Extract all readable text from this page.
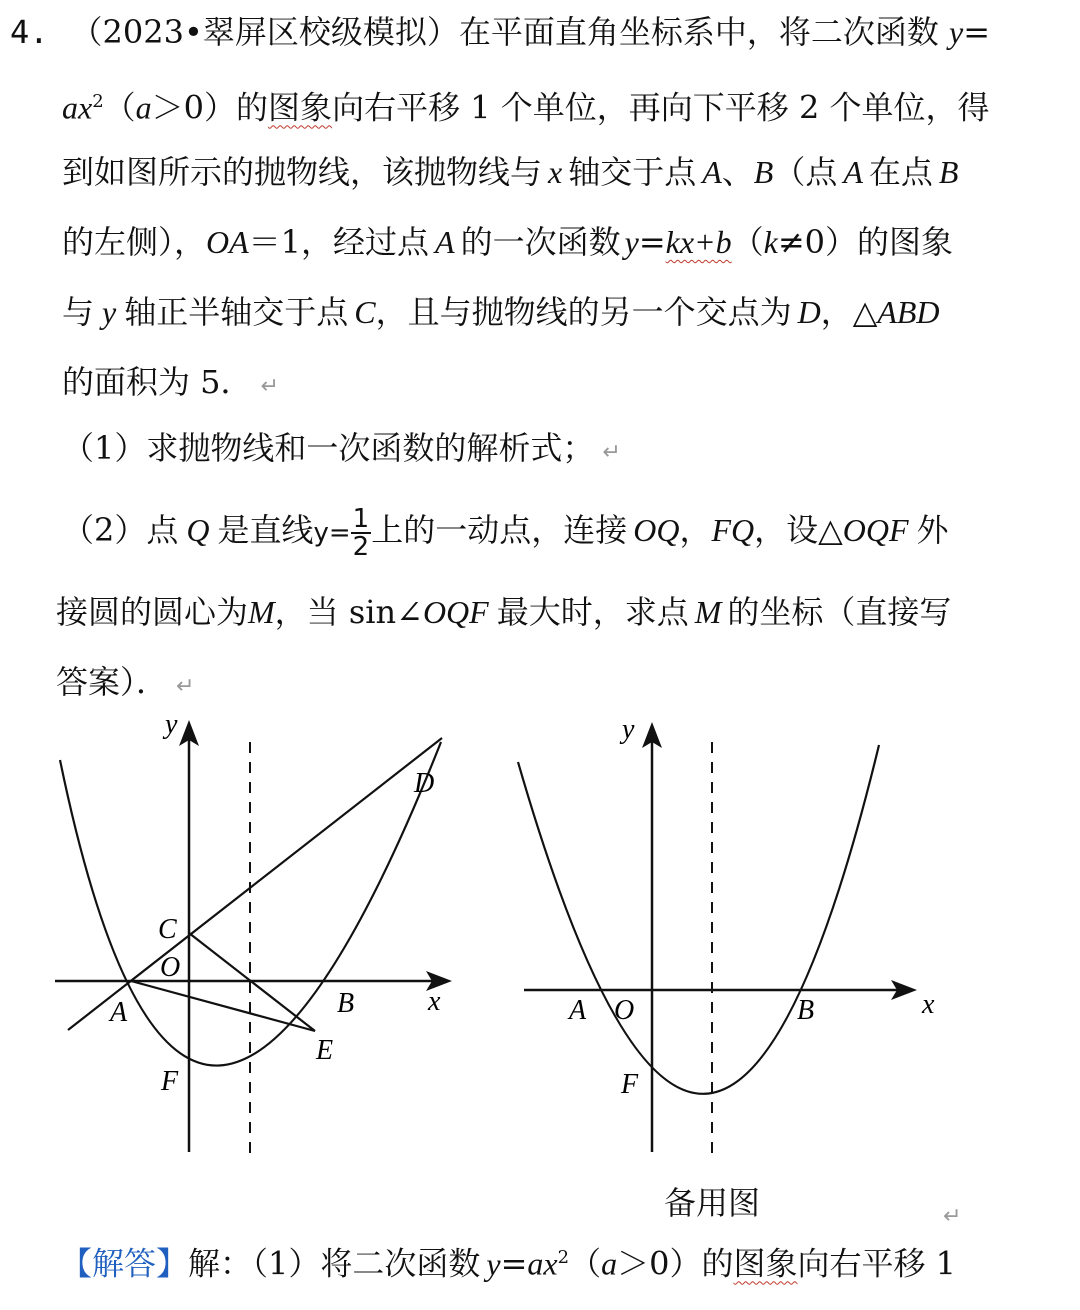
4. （2023•翠屏区校级模拟）在平面直角坐标系中，将二次函数 y=
$ax^2(a>0)$的图象向右平移 1 个单位，再向下平移 2 个单位，得
到如图所示的抛物线，该抛物线与 x 轴交于点 A、B（点 A 在点 B
的左侧），OA＝1，经过点 A 的一次函数 y=kx+b（k≠0）的图象
与 y 轴正半轴交于点 C，且与抛物线的另一个交点为 D，△ABD
的面积为 5． ↵
（1）求抛物线和一次函数的解析式； ↵
（2）点 Q 是直线$y= \frac{1}{2}$ 上的一动点，连接 OQ，FQ，设△OQF 外
接圆的圆心为M，当 sin∠OQF 最大时，求点 M 的坐标（直接写
答案）． ↵
y
x
C
O
A	B
D
E
F
y
x
A O	B
F
备用图	↵
【解答】解：（1）将二次函数 $y=ax^2(a>0)$的图象向右平移 1
